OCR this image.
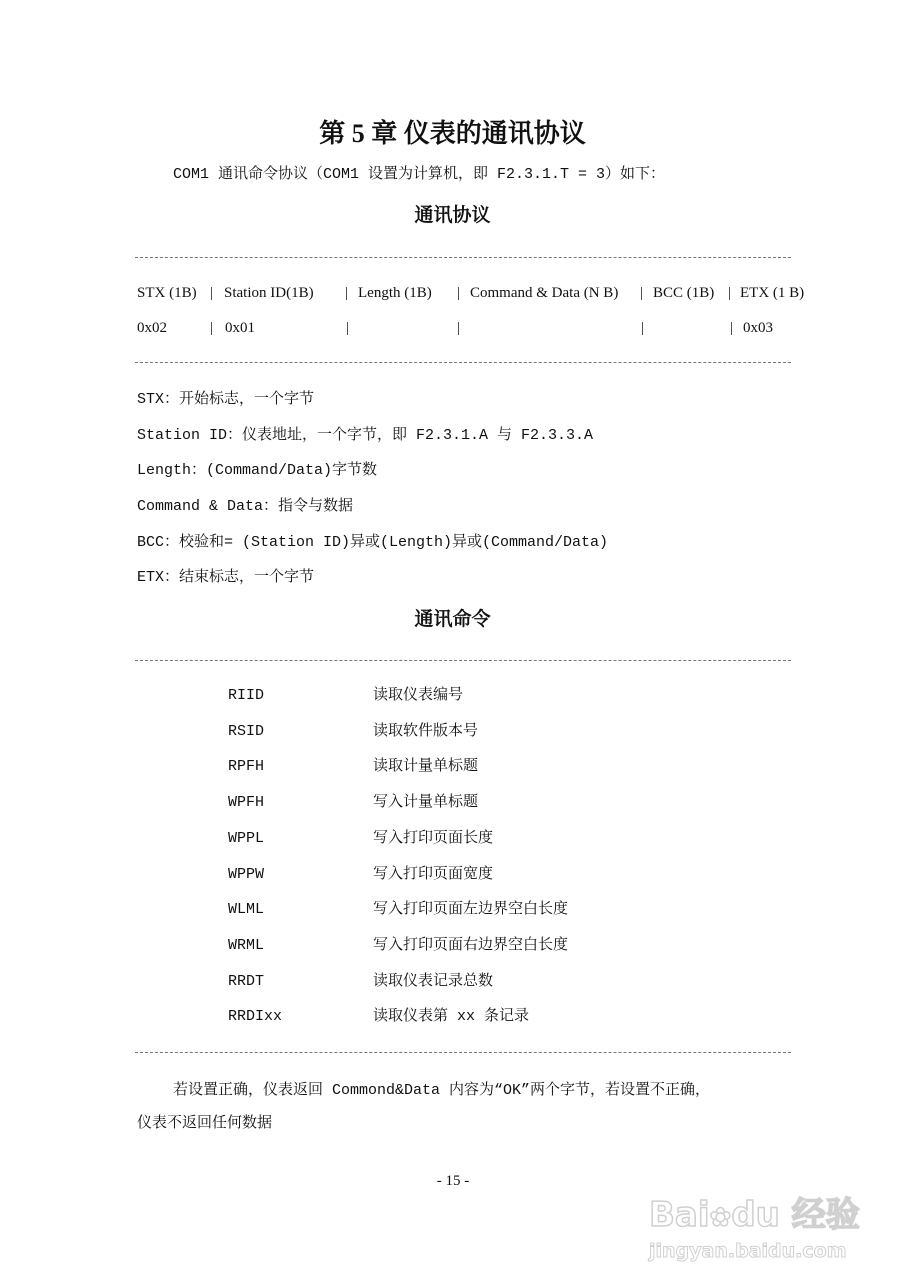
第 5 章 仪表的通讯协议
COM1 通讯命令协议（COM1 设置为计算机，即 F2.3.1.T = 3）如下：
通讯协议
STX (1B) | Station ID(1B) | Length (1B) | Command & Data (N B) | BCC (1B) | ETX (1 B)
0x02	| 0x01	|	|	|	| 0x03
STX：开始标志，一个字节
Station ID：仪表地址，一个字节，即 F2.3.1.A 与 F2.3.3.A
Length：(Command/Data)字节数
Command & Data：指令与数据
BCC：校验和= (Station ID)异或(Length)异或(Command/Data)
ETX：结束标志，一个字节
通讯命令
RIID	读取仪表编号
RSID	读取软件版本号
RPFH	读取计量单标题
WPFH	写入计量单标题
WPPL	写入打印页面长度
WPPW	写入打印页面宽度
WLML	写入打印页面左边界空白长度
WRML	写入打印页面右边界空白长度
RRDT	读取仪表记录总数
RRDIxx	读取仪表第 xx 条记录
若设置正确，仪表返回 Commond&Data 内容为“OK”两个字节，若设置不正确，
仪表不返回任何数据
- 15 -
Bai✿du 经验
jingyan.baidu.com
